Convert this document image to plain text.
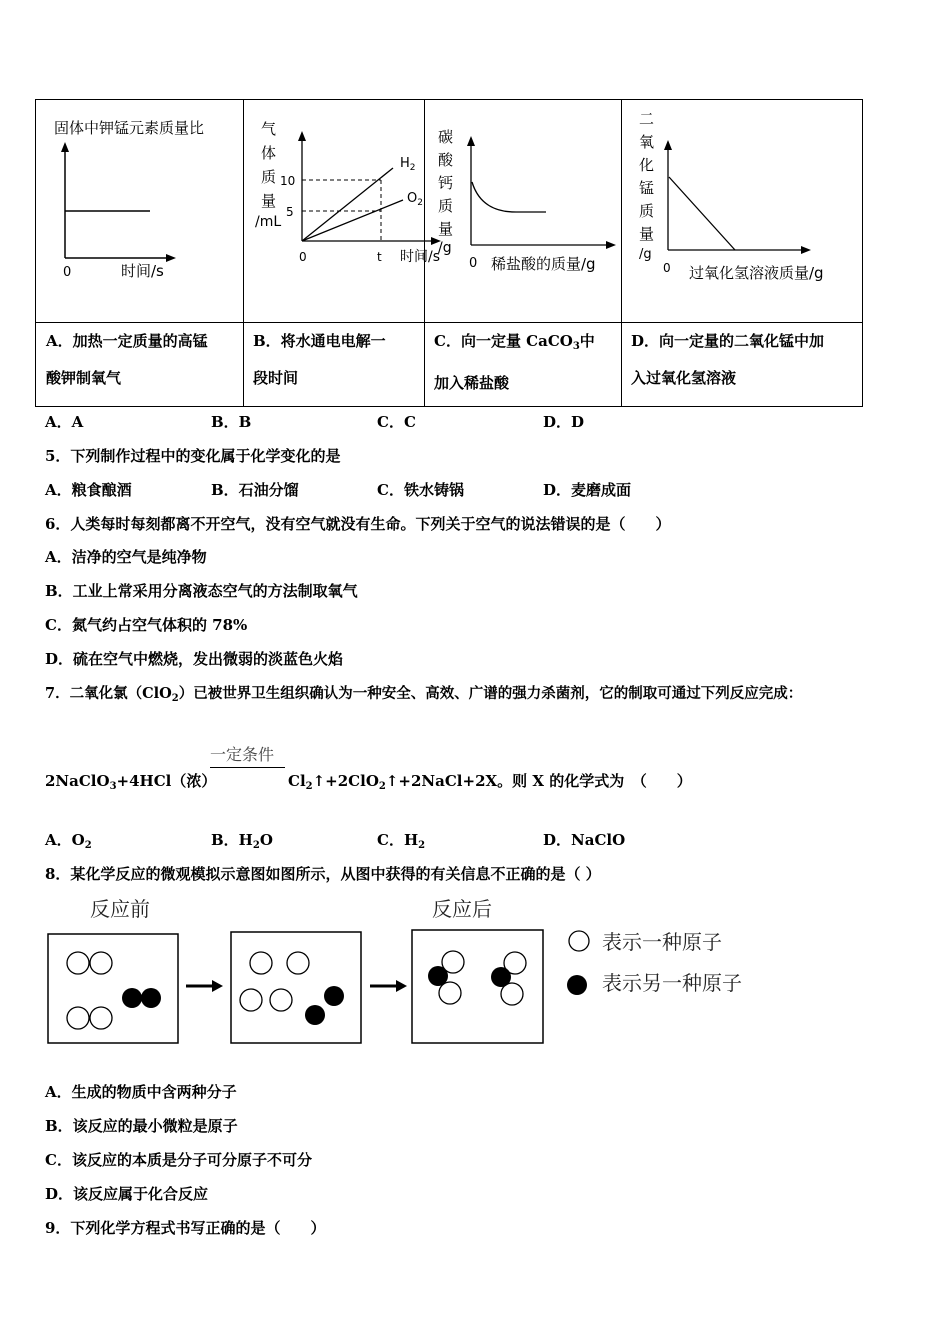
固体中钾锰元素质量比
0	时间/s
气
体
质
量
/mL
10
5
$H_2$
$O_2$
0	t 时间/s
碳
酸
钙
质
量
/g
0 稀盐酸的质量/g
二
氧
化
锰
质
量
/g
0 过氧化氢溶液质量/g
A．加热一定质量的高锰
酸钾制氧气
B．将水通电电解一
段时间
C．向一定量 CaCO$_3$中
加入稀盐酸
D．向一定量的二氧化锰中加
入过氧化氢溶液
A．A	B．B	C．C	D．D
5．下列制作过程中的变化属于化学变化的是
A．粮食酿酒	B．石油分馏	C．铁水铸锅	D．麦磨成面
6．人类每时每刻都离不开空气，没有空气就没有生命。下列关于空气的说法错误的是（　　）
A．洁净的空气是纯净物
B．工业上常采用分离液态空气的方法制取氧气
C．氮气约占空气体积的 78%
D．硫在空气中燃烧，发出微弱的淡蓝色火焰
7．二氧化氯（ClO$_2$）已被世界卫生组织确认为一种安全、高效、广谱的强力杀菌剂，它的制取可通过下列反应完成：
一定条件
2NaClO$_3$+4HCl（浓）	$Cl_2↑+2ClO_2↑+2NaCl+2X$。则 X 的化学式为　（　　）
A．$O_2$	B．$H_2O$	C．$H_2$	D．NaClO
8．某化学反应的微观模拟示意图如图所示，从图中获得的有关信息不正确的是（ ）
反应前	反应后
表示一种原子
表示另一种原子
A．生成的物质中含两种分子
B．该反应的最小微粒是原子
C．该反应的本质是分子可分原子不可分
D．该反应属于化合反应
9．下列化学方程式书写正确的是（　　）
